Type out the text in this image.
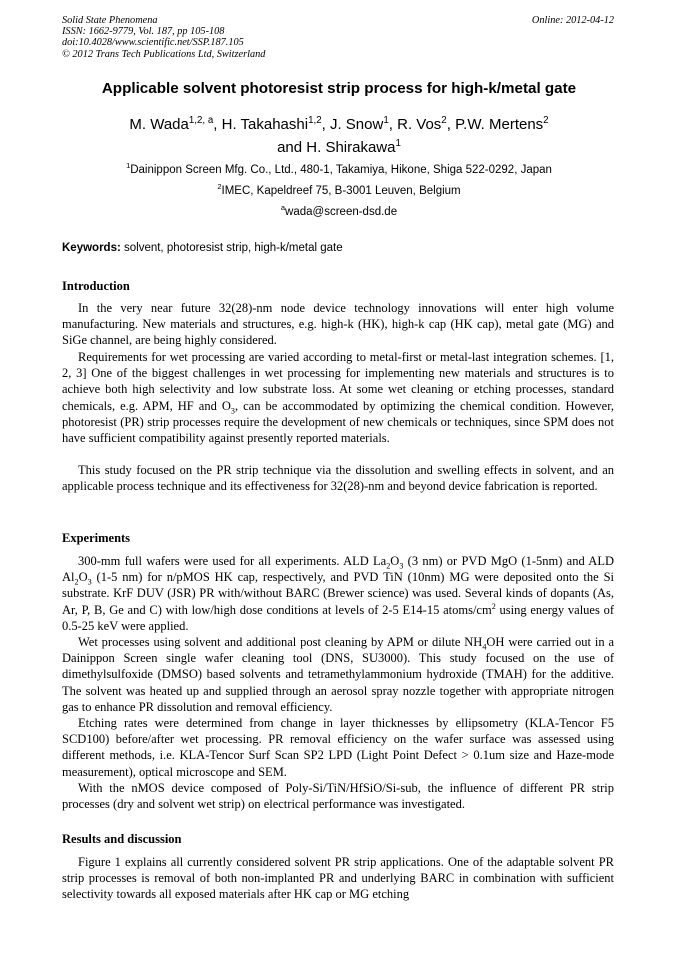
Solid State Phenomena
ISSN: 1662-9779, Vol. 187, pp 105-108
doi:10.4028/www.scientific.net/SSP.187.105
© 2012 Trans Tech Publications Ltd, Switzerland
Online: 2012-04-12
Applicable solvent photoresist strip process for high-k/metal gate
M. Wada$^{1,2, a}$, H. Takahashi$^{1,2}$, J. Snow$^1$, R. Vos$^2$, P.W. Mertens$^2$
and H. Shirakawa$^1$
$^1$Dainippon Screen Mfg. Co., Ltd., 480-1, Takamiya, Hikone, Shiga 522-0292, Japan
$^2$IMEC, Kapeldreef 75, B-3001 Leuven, Belgium
$^a$wada@screen-dsd.de
Keywords: solvent, photoresist strip, high-k/metal gate
Introduction

In the very near future 32(28)-nm node device technology innovations will enter high volume manufacturing. New materials and structures, e.g. high-k (HK), high-k cap (HK cap), metal gate (MG) and SiGe channel, are being highly considered.

Requirements for wet processing are varied according to metal-first or metal-last integration schemes. [1, 2, 3] One of the biggest challenges in wet processing for implementing new materials and structures is to achieve both high selectivity and low substrate loss. At some wet cleaning or etching processes, standard chemicals, e.g. APM, HF and $O_3$, can be accommodated by optimizing the chemical condition. However, photoresist (PR) strip processes require the development of new chemicals or techniques, since SPM does not have sufficient compatibility against presently reported materials.

This study focused on the PR strip technique via the dissolution and swelling effects in solvent, and an applicable process technique and its effectiveness for 32(28)-nm and beyond device fabrication is reported.

Experiments

300-mm full wafers were used for all experiments. ALD $La_2O_3$ (3 nm) or PVD MgO (1-5nm) and ALD $Al_2O_3$ (1-5 nm) for n/pMOS HK cap, respectively, and PVD TiN (10nm) MG were deposited onto the Si substrate. KrF DUV (JSR) PR with/without BARC (Brewer science) was used. Several kinds of dopants (As, Ar, P, B, Ge and C) with low/high dose conditions at levels of 2-5 E14-15 atoms/$cm^2$ using energy values of 0.5-25 keV were applied.

Wet processes using solvent and additional post cleaning by APM or dilute $NH_4OH$ were carried out in a Dainippon Screen single wafer cleaning tool (DNS, SU3000). This study focused on the use of dimethylsulfoxide (DMSO) based solvents and tetramethylammonium hydroxide (TMAH) for the additive. The solvent was heated up and supplied through an aerosol spray nozzle together with appropriate nitrogen gas to enhance PR dissolution and removal efficiency.

Etching rates were determined from change in layer thicknesses by ellipsometry (KLA-Tencor F5 SCD100) before/after wet processing. PR removal efficiency on the wafer surface was assessed using different methods, i.e. KLA-Tencor Surf Scan SP2 LPD (Light Point Defect > 0.1um size and Haze-mode measurement), optical microscope and SEM.

With the nMOS device composed of Poly-Si/TiN/HfSiO/Si-sub, the influence of different PR strip processes (dry and solvent wet strip) on electrical performance was investigated.

Results and discussion

Figure 1 explains all currently considered solvent PR strip applications. One of the adaptable solvent PR strip processes is removal of both non-implanted PR and underlying BARC in combination with sufficient selectivity towards all exposed materials after HK cap or MG etching
